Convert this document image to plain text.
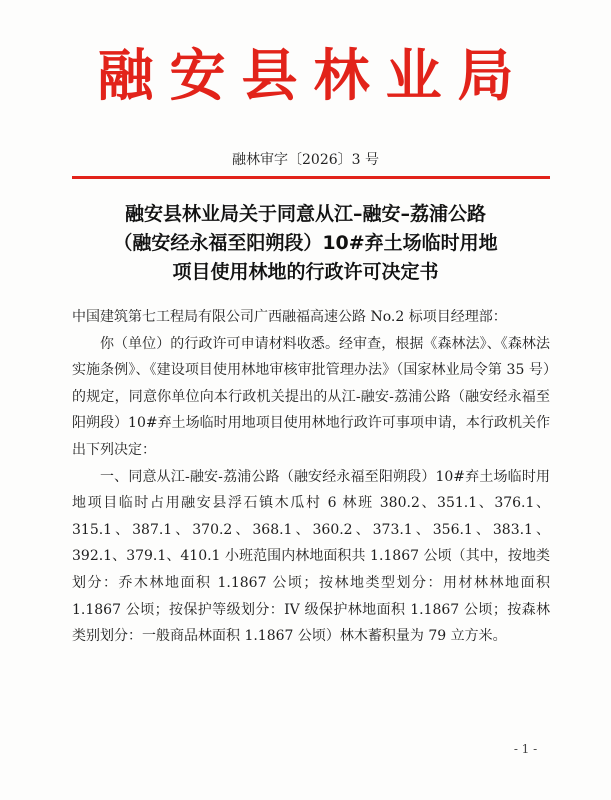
融安县林业局
融林审字〔2026〕3 号
融安县林业局关于同意从江–融安–荔浦公路
（融安经永福至阳朔段）10#弃土场临时用地
项目使用林地的行政许可决定书

中国建筑第七工程局有限公司广西融福高速公路 No.2 标项目经理部：

你（单位）的行政许可申请材料收悉。经审查，根据《森林法》、《森林法实施条例》、《建设项目使用林地审核审批管理办法》（国家林业局令第 35 号）的规定，同意你单位向本行政机关提出的从江-融安-荔浦公路（融安经永福至阳朔段）10#弃土场临时用地项目使用林地行政许可事项申请，本行政机关作出下列决定：

一、同意从江-融安-荔浦公路（融安经永福至阳朔段）10#弃土场临时用地项目临时占用融安县浮石镇木瓜村 6 林班 380.2、351.1、376.1、315.1、387.1、370.2、368.1、360.2、373.1、356.1、383.1、392.1、379.1、410.1 小班范围内林地面积共 1.1867 公顷（其中，按地类划分：乔木林地面积 1.1867 公顷；按林地类型划分：用材林林地面积 1.1867 公顷；按保护等级划分：IV 级保护林地面积 1.1867 公顷；按森林类别划分：一般商品林面积 1.1867 公顷）林木蓄积量为 79 立方米。

- 1 -
